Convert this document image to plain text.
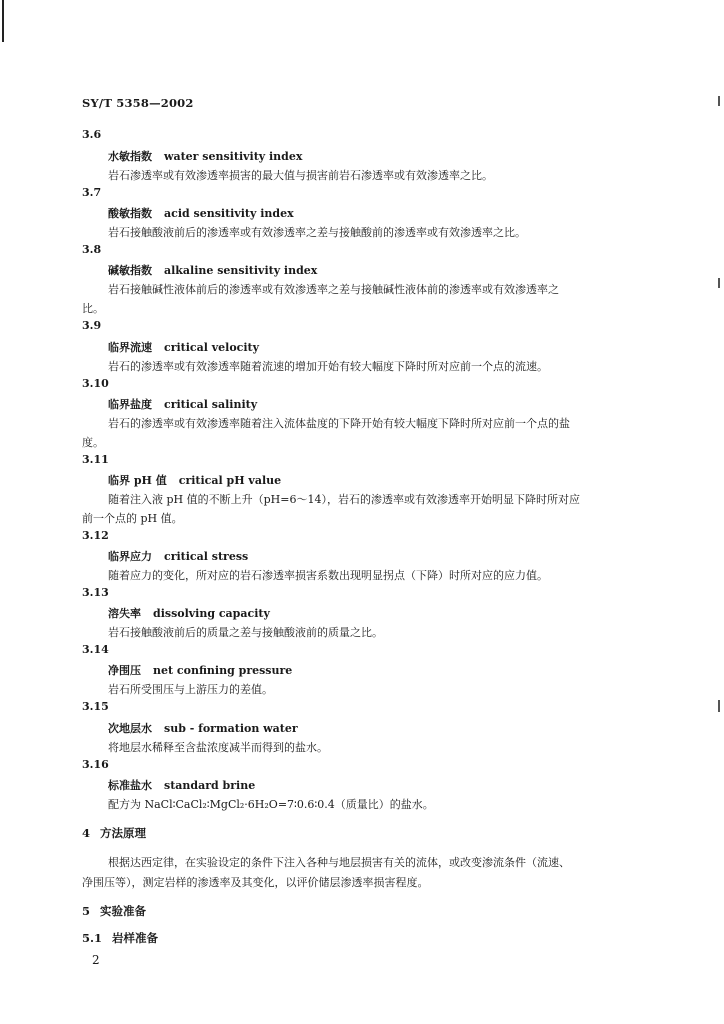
SY/T 5358—2002
3.6
水敏指数 water sensitivity index
岩石渗透率或有效渗透率损害的最大值与损害前岩石渗透率或有效渗透率之比。
3.7
酸敏指数 acid sensitivity index
岩石接触酸液前后的渗透率或有效渗透率之差与接触酸前的渗透率或有效渗透率之比。
3.8
碱敏指数 alkaline sensitivity index
岩石接触碱性液体前后的渗透率或有效渗透率之差与接触碱性液体前的渗透率或有效渗透率之
比。
3.9
临界流速 critical velocity
岩石的渗透率或有效渗透率随着流速的增加开始有较大幅度下降时所对应前一个点的流速。
3.10
临界盐度 critical salinity
岩石的渗透率或有效渗透率随着注入流体盐度的下降开始有较大幅度下降时所对应前一个点的盐
度。
3.11
临界 pH 值 critical pH value
随着注入液 pH 值的不断上升（pH=6～14），岩石的渗透率或有效渗透率开始明显下降时所对应
前一个点的 pH 值。
3.12
临界应力 critical stress
随着应力的变化，所对应的岩石渗透率损害系数出现明显拐点（下降）时所对应的应力值。
3.13
溶失率 dissolving capacity
岩石接触酸液前后的质量之差与接触酸液前的质量之比。
3.14
净围压 net confining pressure
岩石所受围压与上游压力的差值。
3.15
次地层水 sub - formation water
将地层水稀释至含盐浓度减半而得到的盐水。
3.16
标准盐水 standard brine
配方为 NaCl∶CaCl₂∶MgCl₂·6H₂O=7∶0.6∶0.4（质量比）的盐水。
4 方法原理
根据达西定律，在实验设定的条件下注入各种与地层损害有关的流体，或改变渗流条件（流速、
净围压等），测定岩样的渗透率及其变化，以评价储层渗透率损害程度。
5 实验准备
5.1 岩样准备
2
